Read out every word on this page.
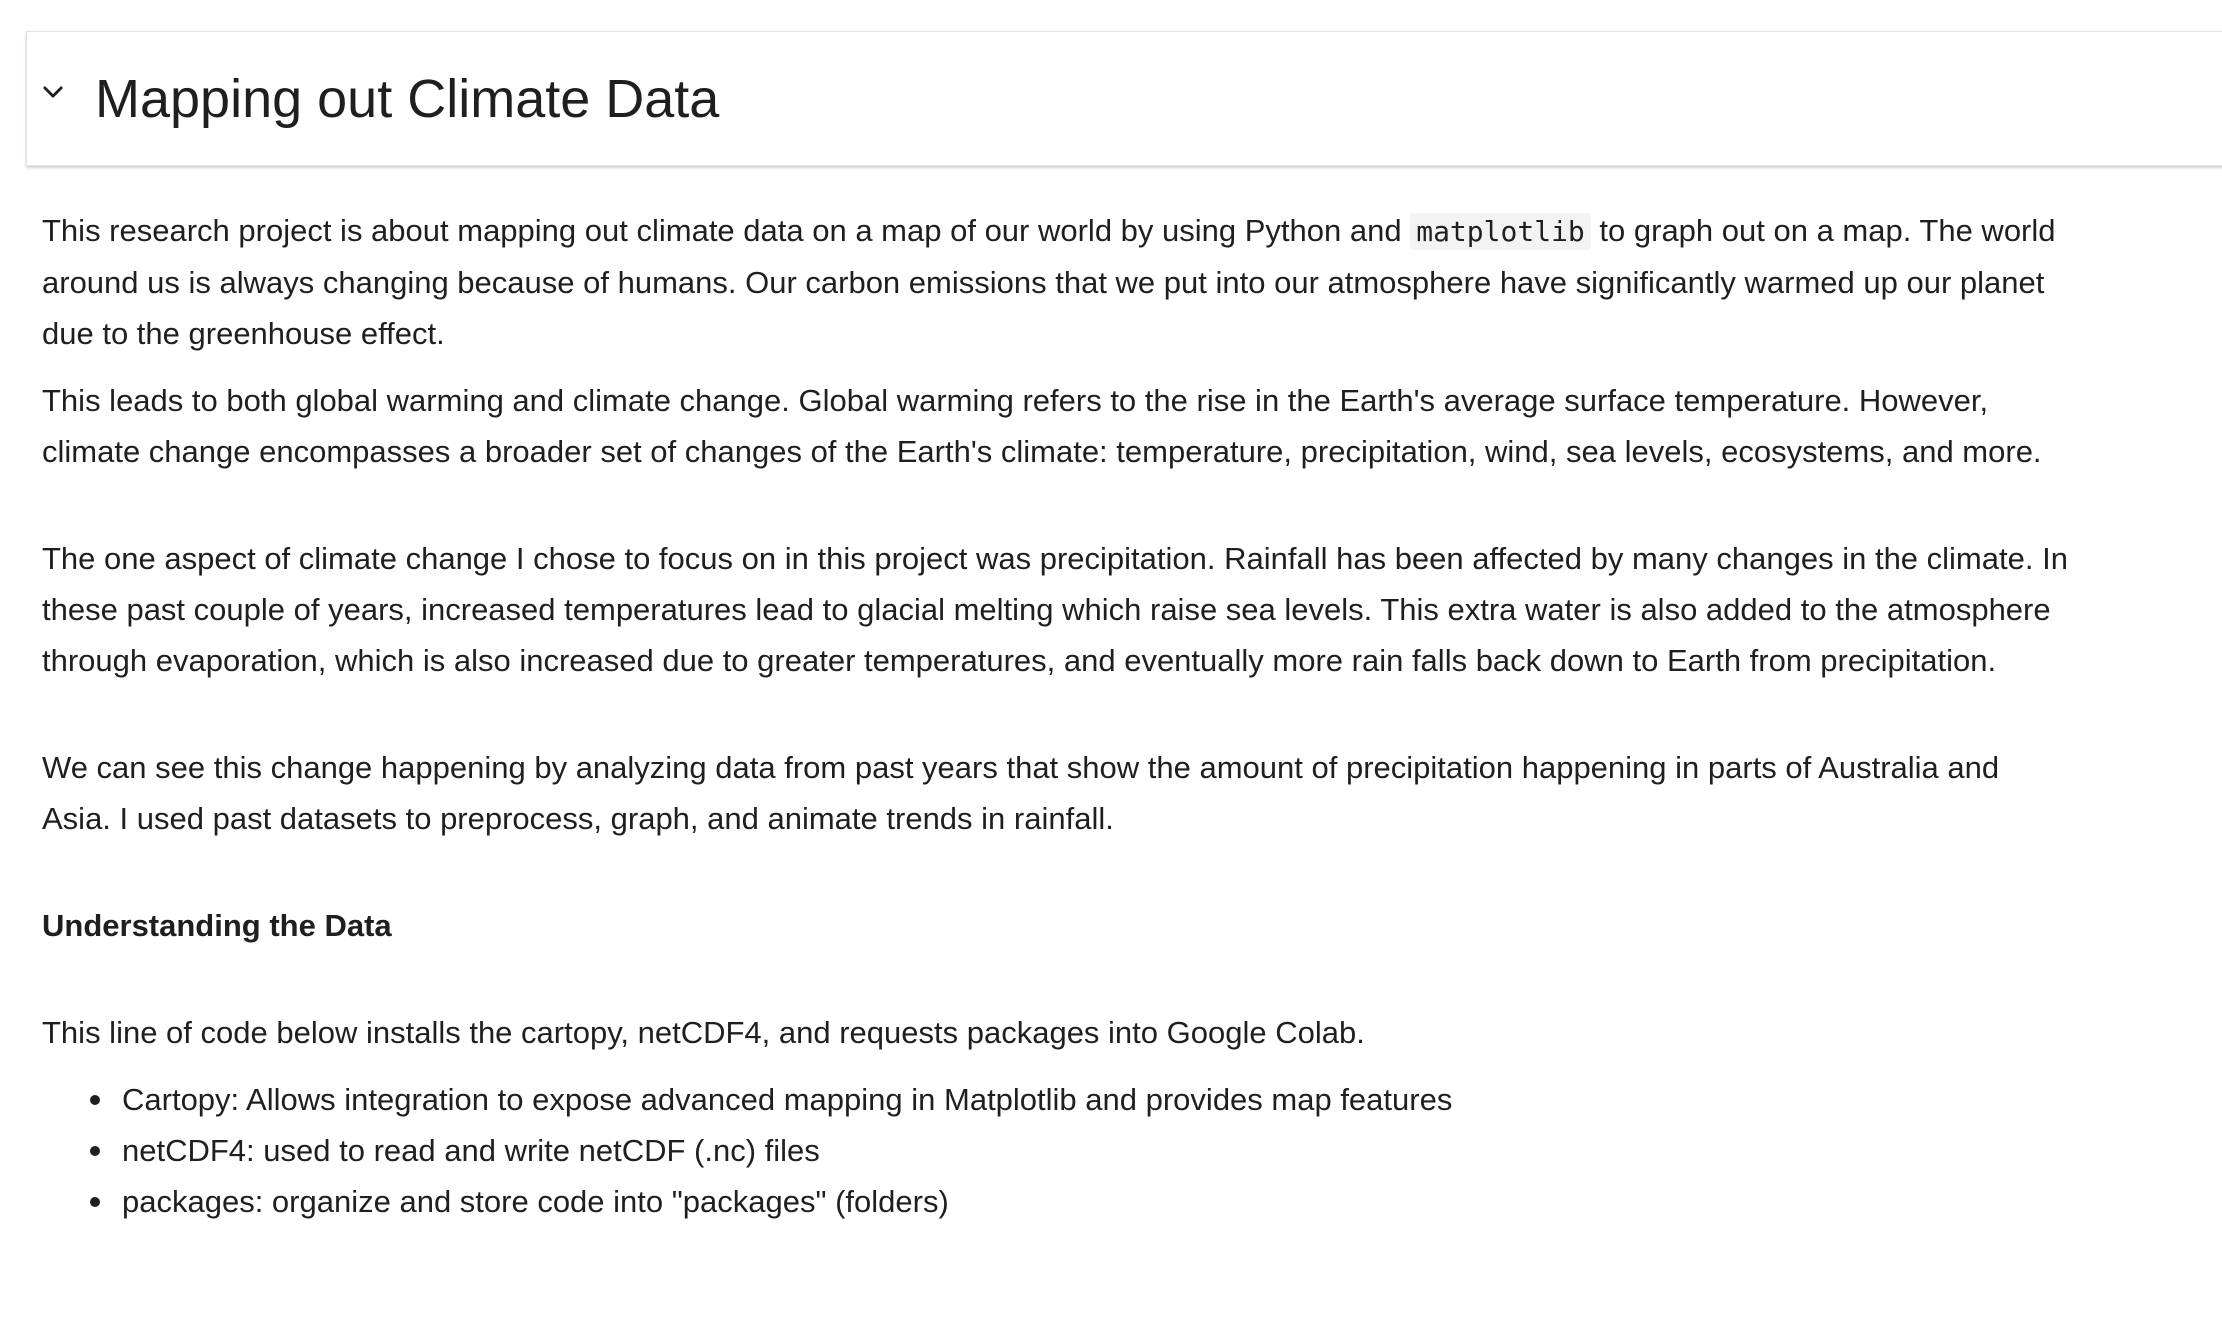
Mapping out Climate Data

This research project is about mapping out climate data on a map of our world by using Python and matplotlib to graph out on a map. The world around us is always changing because of humans. Our carbon emissions that we put into our atmosphere have significantly warmed up our planet due to the greenhouse effect.

This leads to both global warming and climate change. Global warming refers to the rise in the Earth's average surface temperature. However, climate change encompasses a broader set of changes of the Earth's climate: temperature, precipitation, wind, sea levels, ecosystems, and more.

The one aspect of climate change I chose to focus on in this project was precipitation. Rainfall has been affected by many changes in the climate. In these past couple of years, increased temperatures lead to glacial melting which raise sea levels. This extra water is also added to the atmosphere through evaporation, which is also increased due to greater temperatures, and eventually more rain falls back down to Earth from precipitation.

We can see this change happening by analyzing data from past years that show the amount of precipitation happening in parts of Australia and Asia. I used past datasets to preprocess, graph, and animate trends in rainfall.

Understanding the Data

This line of code below installs the cartopy, netCDF4, and requests packages into Google Colab.

Cartopy: Allows integration to expose advanced mapping in Matplotlib and provides map features
netCDF4: used to read and write netCDF (.nc) files
packages: organize and store code into "packages" (folders)
